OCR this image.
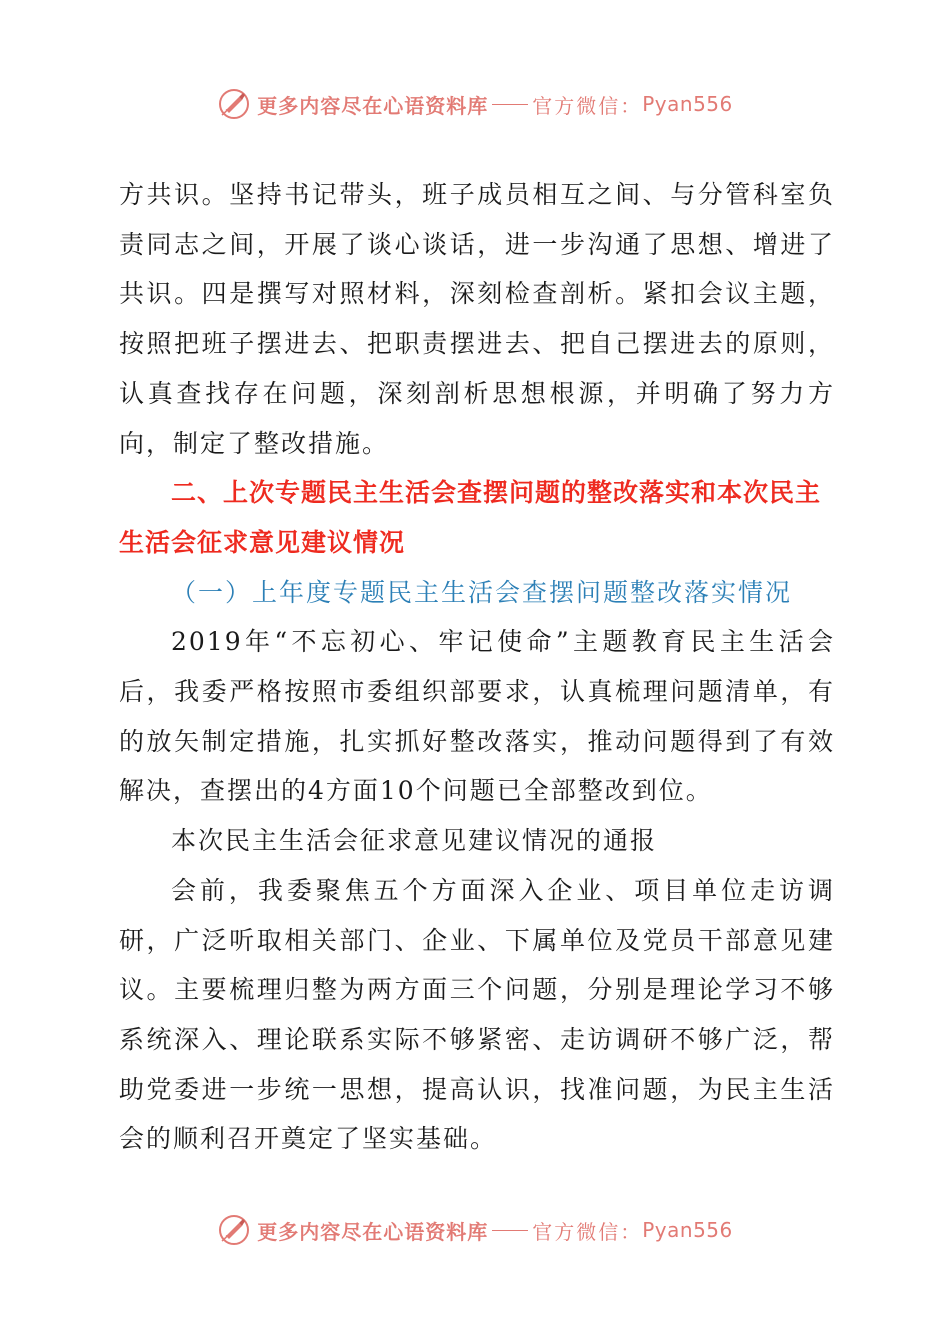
更多内容尽在心语资料库 官方微信： Pyan556

方共识。坚持书记带头，班子成员相互之间、与分管科室负责同志之间，开展了谈心谈话，进一步沟通了思想、增进了共识。四是撰写对照材料，深刻检查剖析。紧扣会议主题，按照把班子摆进去、把职责摆进去、把自己摆进去的原则，认真查找存在问题，深刻剖析思想根源，并明确了努力方向，制定了整改措施。

二、上次专题民主生活会查摆问题的整改落实和本次民主生活会征求意见建议情况

（一）上年度专题民主生活会查摆问题整改落实情况

2019年“不忘初心、牢记使命”主题教育民主生活会后，我委严格按照市委组织部要求，认真梳理问题清单，有的放矢制定措施，扎实抓好整改落实，推动问题得到了有效解决，查摆出的4方面10个问题已全部整改到位。

本次民主生活会征求意见建议情况的通报

会前，我委聚焦五个方面深入企业、项目单位走访调研，广泛听取相关部门、企业、下属单位及党员干部意见建议。主要梳理归整为两方面三个问题，分别是理论学习不够系统深入、理论联系实际不够紧密、走访调研不够广泛，帮助党委进一步统一思想，提高认识，找准问题，为民主生活会的顺利召开奠定了坚实基础。

更多内容尽在心语资料库 官方微信： Pyan556
